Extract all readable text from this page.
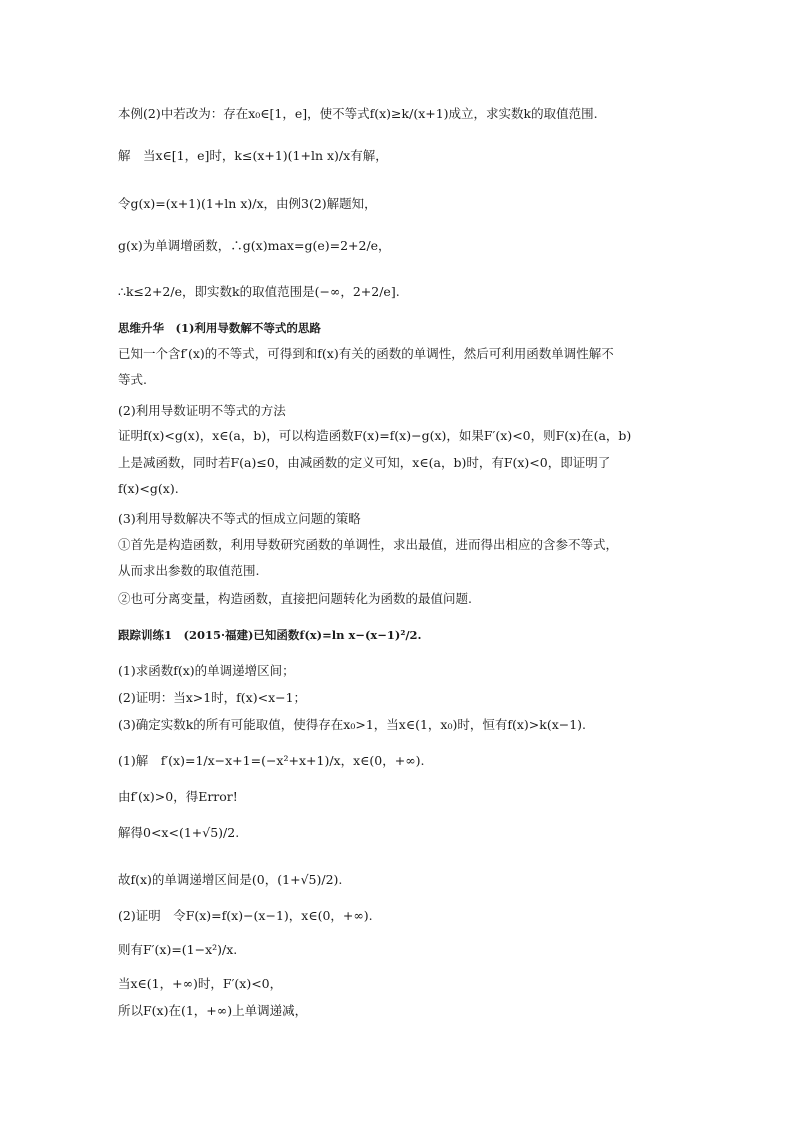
本例(2)中若改为：存在x₀∈[1，e]，使不等式f(x)≥k/(x+1)成立，求实数k的取值范围.
解　当x∈[1，e]时，k≤(x+1)(1+ln x)/x有解，
令g(x)=(x+1)(1+ln x)/x，由例3(2)解题知，
g(x)为单调增函数，∴g(x)max=g(e)=2+2/e，
∴k≤2+2/e，即实数k的取值范围是(−∞，2+2/e].
思维升华　(1)利用导数解不等式的思路
已知一个含f′(x)的不等式，可得到和f(x)有关的函数的单调性，然后可利用函数单调性解不
等式.
(2)利用导数证明不等式的方法
证明f(x)<g(x)，x∈(a，b)，可以构造函数F(x)=f(x)−g(x)，如果F′(x)<0，则F(x)在(a，b)
上是减函数，同时若F(a)≤0，由减函数的定义可知，x∈(a，b)时，有F(x)<0，即证明了
f(x)<g(x).
(3)利用导数解决不等式的恒成立问题的策略
①首先是构造函数，利用导数研究函数的单调性，求出最值，进而得出相应的含参不等式，
从而求出参数的取值范围.
②也可分离变量，构造函数，直接把问题转化为函数的最值问题.
跟踪训练1　(2015·福建)已知函数f(x)=ln x−(x−1)²/2.
(1)求函数f(x)的单调递增区间；
(2)证明：当x>1时，f(x)<x−1；
(3)确定实数k的所有可能取值，使得存在x₀>1，当x∈(1，x₀)时，恒有f(x)>k(x−1).
(1)解　f′(x)=1/x−x+1=(−x²+x+1)/x，x∈(0，+∞).
由f′(x)>0，得Error!
解得0<x<(1+√5)/2.
故f(x)的单调递增区间是(0，(1+√5)/2).
(2)证明　令F(x)=f(x)−(x−1)，x∈(0，+∞).
则有F′(x)=(1−x²)/x.
当x∈(1，+∞)时，F′(x)<0，
所以F(x)在(1，+∞)上单调递减，
